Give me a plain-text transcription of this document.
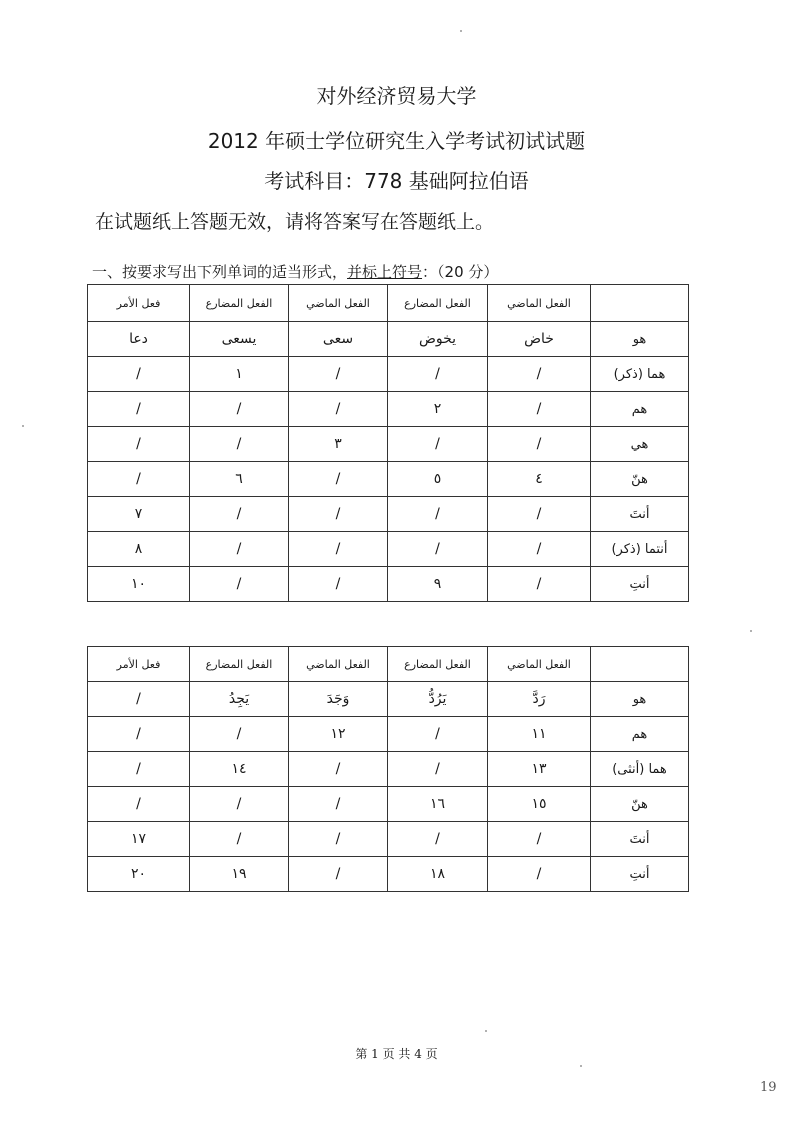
对外经济贸易大学
2012 年硕士学位研究生入学考试初试试题
考试科目：778 基础阿拉伯语
在试题纸上答题无效，请将答案写在答题纸上。
一、按要求写出下列单词的适当形式，并标上符号：（20 分）
فعل الأمر	الفعل المضارع	الفعل الماضي	الفعل المضارع	الفعل الماضي	
دعا	يسعى	سعى	يخوض	خاض	هو
/	١	/	/	/	هما (ذكر)
/	/	/	٢	/	هم
/	/	٣	/	/	هي
/	٦	/	٥	٤	هنّ
٧	/	/	/	/	أنتَ
٨	/	/	/	/	أنتما (ذكر)
١٠	/	/	٩	/	أنتِ
فعل الأمر	الفعل المضارع	الفعل الماضي	الفعل المضارع	الفعل الماضي	
/	يَجِدُ	وَجَدَ	يَرُدُّ	رَدَّ	هو
/	/	١٢	/	١١	هم
/	١٤	/	/	١٣	هما (أنثى)
/	/	/	١٦	١٥	هنّ
١٧	/	/	/	/	أنتَ
٢٠	١٩	/	١٨	/	أنتِ
第 1 页 共 4 页
19
